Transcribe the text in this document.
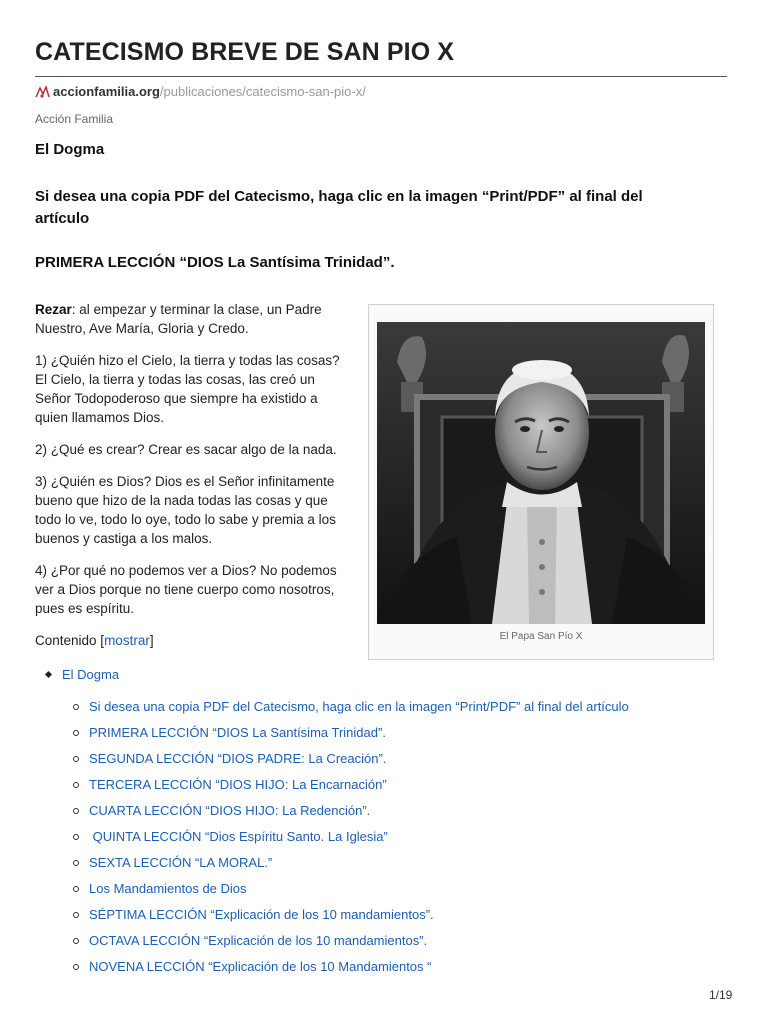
CATECISMO BREVE DE SAN PIO X
accionfamilia.org /publicaciones/catecismo-san-pio-x/
Acción Familia
El Dogma
Si desea una copia PDF del Catecismo, haga clic en la imagen “Print/PDF” al final del artículo
PRIMERA LECCIÓN “DIOS La Santísima Trinidad”.

Rezar: al empezar y terminar la clase, un Padre Nuestro, Ave María, Gloria y Credo.

1) ¿Quién hizo el Cielo, la tierra y todas las cosas? El Cielo, la tierra y todas las cosas, las creó un Señor Todopoderoso que siempre ha existido a quien llamamos Dios.

2) ¿Qué es crear? Crear es sacar algo de la nada.

3) ¿Quién es Dios? Dios es el Señor infinitamente bueno que hizo de la nada todas las cosas y que todo lo ve, todo lo oye, todo lo sabe y premia a los buenos y castiga a los malos.

4) ¿Por qué no podemos ver a Dios? No podemos ver a Dios porque no tiene cuerpo como nosotros, pues es espíritu.

Contenido [mostrar]	El Papa San Pío X
El Dogma
Si desea una copia PDF del Catecismo, haga clic en la imagen “Print/PDF” al final del artículo
PRIMERA LECCIÓN “DIOS La Santísima Trinidad”.
SEGUNDA LECCIÓN “DIOS PADRE: La Creación”.
TERCERA LECCIÓN “DIOS HIJO: La Encarnación”
CUARTA LECCIÓN “DIOS HIJO: La Redención”.
QUINTA LECCIÓN “Dios Espíritu Santo. La Iglesia”
SEXTA LECCIÓN “LA MORAL.”
Los Mandamientos de Dios
SÉPTIMA LECCIÓN “Explicación de los 10 mandamientos”.
OCTAVA LECCIÓN “Explicación de los 10 mandamientos”.
NOVENA LECCIÓN “Explicación de los 10 Mandamientos “
1/19
